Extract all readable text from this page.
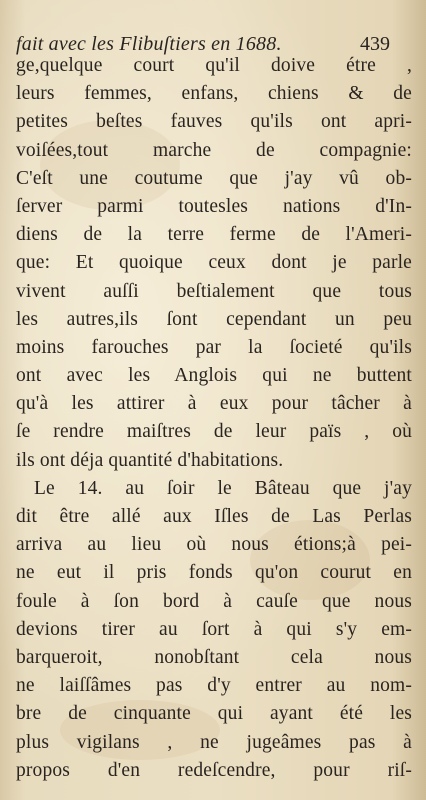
fait avec les Flibuſtiers en 1688.	439
ge,quelque court qu'il doive étre ,
leurs femmes, enfans, chiens & de
petites beſtes fauves qu'ils ont apri-
voiſées,tout marche de compagnie:
C'eſt une coutume que j'ay vû ob-
ſerver parmi toutesles nations d'In-
diens de la terre ferme de l'Ameri-
que: Et quoique ceux dont je parle
vivent auſſi beſtialement que tous
les autres,ils ſont cependant un peu
moins farouches par la ſocieté qu'ils
ont avec les Anglois qui ne buttent
qu'à les attirer à eux pour tâcher à
ſe rendre maiſtres de leur païs , où
ils ont déja quantité d'habitations.
Le 14. au ſoir le Bâteau que j'ay
dit être allé aux Iſles de Las Perlas
arriva au lieu où nous étions;à pei-
ne eut il pris fonds qu'on courut en
foule à ſon bord à cauſe que nous
devions tirer au ſort à qui s'y em-
barqueroit, nonobſtant cela nous
ne laiſſâmes pas d'y entrer au nom-
bre de cinquante qui ayant été les
plus vigilans , ne jugeâmes pas à
propos d'en redeſcendre, pour riſ-
